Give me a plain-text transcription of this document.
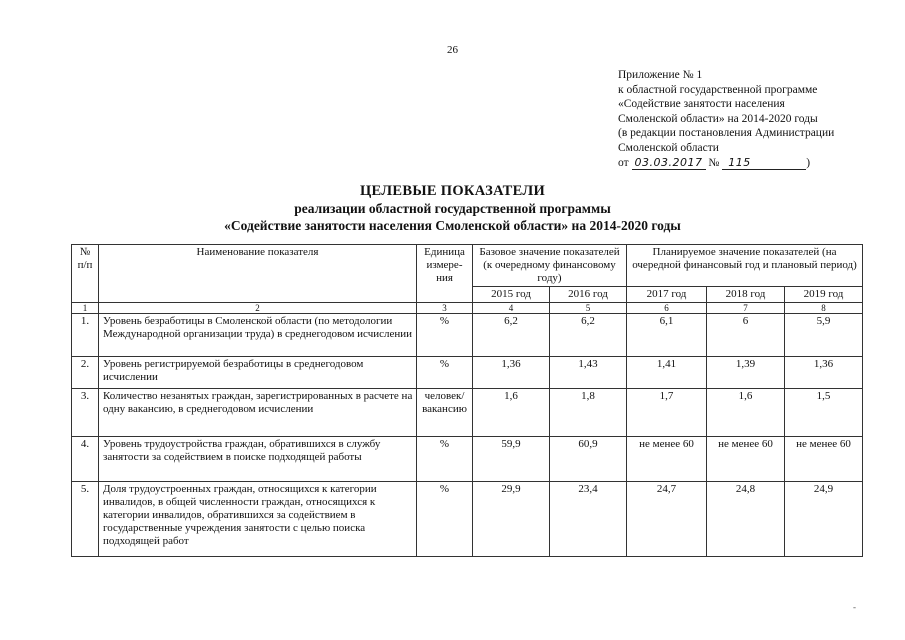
26
Приложение № 1
к областной государственной программе
«Содействие занятости населения
Смоленской области» на 2014-2020 годы
(в редакции постановления Администрации
Смоленской области
от 03.03.2017 № 115	)
ЦЕЛЕВЫЕ ПОКАЗАТЕЛИ
реализации областной государственной программы
«Содействие занятости населения Смоленской области» на 2014-2020 годы
№ п/п	Наименование показателя	Единица измере-ния	Базовое значение показателей (к очередному финансовому году)		Планируемое значение показателей (на очередной финансовый год и плановый период)		
			2015 год	2016 год	2017 год	2018 год	2019 год
1	2	3	4	5	6	7	8
1.	Уровень безработицы в Смоленской области (по методологии Международной организации труда) в среднегодовом исчислении	%	6,2	6,2	6,1	6	5,9
2.	Уровень регистрируемой безработицы в среднегодовом исчислении	%	1,36	1,43	1,41	1,39	1,36
3.	Количество незанятых граждан, зарегистрированных в расчете на одну вакансию, в среднегодовом исчислении	человек/ вакансию	1,6	1,8	1,7	1,6	1,5
4.	Уровень трудоустройства граждан, обратившихся в службу занятости за содействием в поиске подходящей работы	%	59,9	60,9	не менее 60	не менее 60	не менее 60
5.	Доля трудоустроенных граждан, относящихся к категории инвалидов, в общей численности граждан, относящихся к категории инвалидов, обратившихся за содействием в государственные учреждения занятости с целью поиска подходящей работ	%	29,9	23,4	24,7	24,8	24,9
-
